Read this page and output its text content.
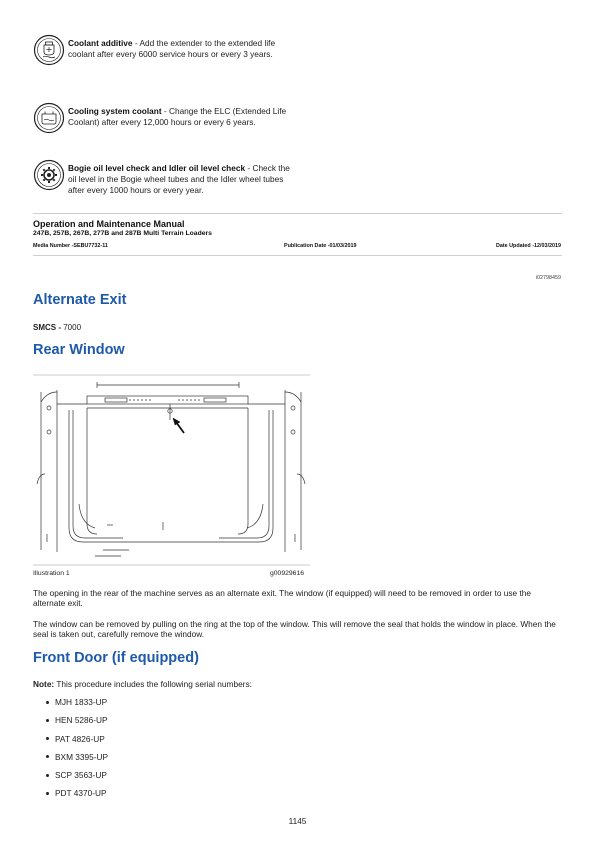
Coolant additive - Add the extender to the extended life coolant after every 6000 service hours or every 3 years.
Cooling system coolant - Change the ELC (Extended Life Coolant) after every 12,000 hours or every 6 years.
Bogie oil level check and Idler oil level check - Check the oil level in the Bogie wheel tubes and the Idler wheel tubes after every 1000 hours or every year.
Operation and Maintenance Manual
247B, 257B, 267B, 277B and 287B Multi Terrain Loaders
Media Number -SEBU7732-11	Publication Date -01/03/2019	Date Updated -12/03/2019
i02798459
Alternate Exit
SMCS - 7000
Rear Window
Illustration 1	g00929616
The opening in the rear of the machine serves as an alternate exit. The window (if equipped) will need to be removed in order to use the alternate exit.
The window can be removed by pulling on the ring at the top of the window. This will remove the seal that holds the window in place. When the seal is taken out, carefully remove the window.
Front Door (if equipped)
Note: This procedure includes the following serial numbers:
MJH 1833-UP
HEN 5286-UP
PAT 4826-UP
BXM 3395-UP
SCP 3563-UP
PDT 4370-UP
1145
